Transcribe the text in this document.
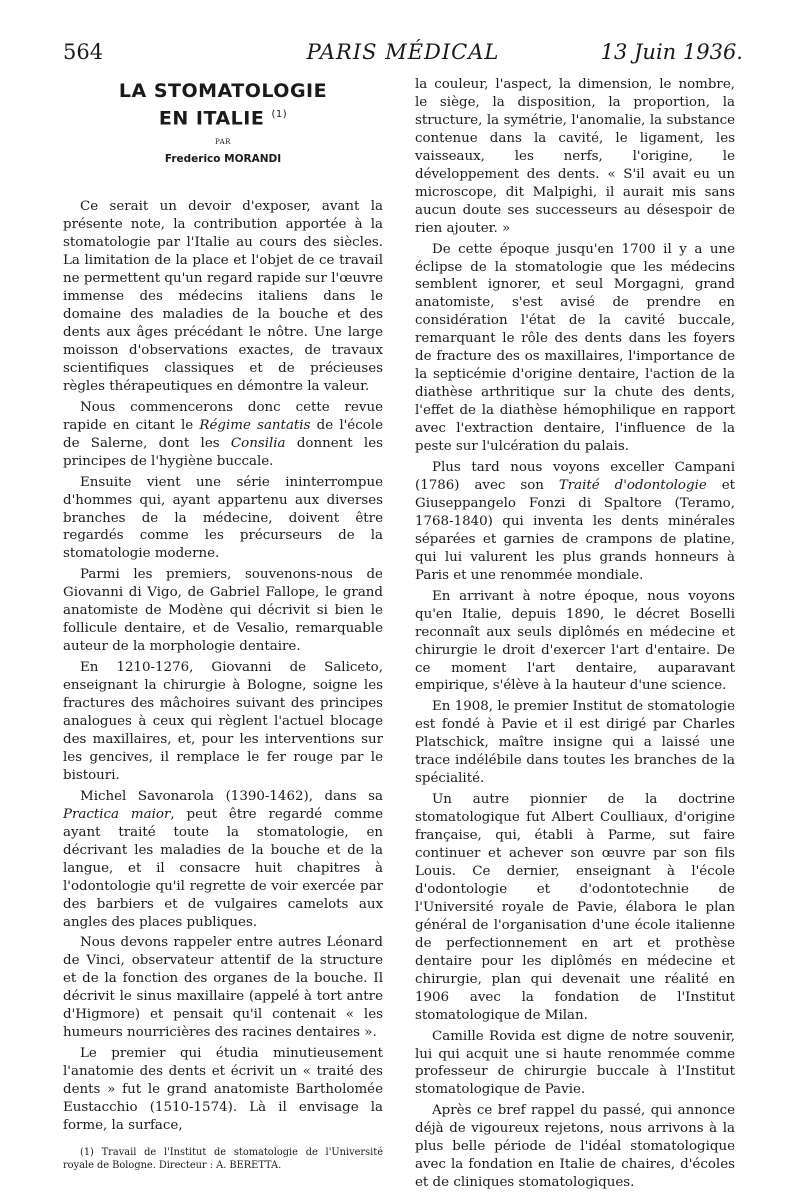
564	PARIS MÉDICAL	13 Juin 1936.
LA STOMATOLOGIE
EN ITALIE $^{(1)}$
PAR
Frederico MORANDI

Ce serait un devoir d'exposer, avant la présente note, la contribution apportée à la stomatologie par l'Italie au cours des siècles. La limitation de la place et l'objet de ce travail ne permettent qu'un regard rapide sur l'œuvre immense des médecins italiens dans le domaine des maladies de la bouche et des dents aux âges précédant le nôtre. Une large moisson d'observations exactes, de travaux scientifiques classiques et de précieuses règles thérapeutiques en démontre la valeur.

Nous commencerons donc cette revue rapide en citant le Régime santatis de l'école de Salerne, dont les Consilia donnent les principes de l'hygiène buccale.

Ensuite vient une série ininterrompue d'hommes qui, ayant appartenu aux diverses branches de la médecine, doivent être regardés comme les précurseurs de la stomatologie moderne.

Parmi les premiers, souvenons-nous de Giovanni di Vigo, de Gabriel Fallope, le grand anatomiste de Modène qui décrivit si bien le follicule dentaire, et de Vesalio, remarquable auteur de la morphologie dentaire.

En 1210-1276, Giovanni de Saliceto, enseignant la chirurgie à Bologne, soigne les fractures des mâchoires suivant des principes analogues à ceux qui règlent l'actuel blocage des maxillaires, et, pour les interventions sur les gencives, il remplace le fer rouge par le bistouri.

Michel Savonarola (1390-1462), dans sa Practica maior, peut être regardé comme ayant traité toute la stomatologie, en décrivant les maladies de la bouche et de la langue, et il consacre huit chapitres à l'odontologie qu'il regrette de voir exercée par des barbiers et de vulgaires camelots aux angles des places publiques.

Nous devons rappeler entre autres Léonard de Vinci, observateur attentif de la structure et de la fonction des organes de la bouche. Il décrivit le sinus maxillaire (appelé à tort antre d'Higmore) et pensait qu'il contenait « les humeurs nourricières des racines dentaires ».

Le premier qui étudia minutieusement l'anatomie des dents et écrivit un « traité des dents » fut le grand anatomiste Bartholomée Eustacchio (1510-1574). Là il envisage la forme, la surface,

(1) Travail de l'Institut de stomatologie de l'Université royale de Bologne. Directeur : A. BERETTA.

la couleur, l'aspect, la dimension, le nombre, le siège, la disposition, la proportion, la structure, la symétrie, l'anomalie, la substance contenue dans la cavité, le ligament, les vaisseaux, les nerfs, l'origine, le développement des dents. « S'il avait eu un microscope, dit Malpighi, il aurait mis sans aucun doute ses successeurs au désespoir de rien ajouter. »

De cette époque jusqu'en 1700 il y a une éclipse de la stomatologie que les médecins semblent ignorer, et seul Morgagni, grand anatomiste, s'est avisé de prendre en considération l'état de la cavité buccale, remarquant le rôle des dents dans les foyers de fracture des os maxillaires, l'importance de la septicémie d'origine dentaire, l'action de la diathèse arthritique sur la chute des dents, l'effet de la diathèse hémophilique en rapport avec l'extraction dentaire, l'influence de la peste sur l'ulcération du palais.

Plus tard nous voyons exceller Campani (1786) avec son Traité d'odontologie et Giuseppangelo Fonzi di Spaltore (Teramo, 1768-1840) qui inventa les dents minérales séparées et garnies de crampons de platine, qui lui valurent les plus grands honneurs à Paris et une renommée mondiale.

En arrivant à notre époque, nous voyons qu'en Italie, depuis 1890, le décret Boselli reconnaît aux seuls diplômés en médecine et chirurgie le droit d'exercer l'art d'entaire. De ce moment l'art dentaire, auparavant empirique, s'élève à la hauteur d'une science.

En 1908, le premier Institut de stomatologie est fondé à Pavie et il est dirigé par Charles Platschick, maître insigne qui a laissé une trace indélébile dans toutes les branches de la spécialité.

Un autre pionnier de la doctrine stomatologique fut Albert Coulliaux, d'origine française, qui, établi à Parme, sut faire continuer et achever son œuvre par son fils Louis. Ce dernier, enseignant à l'école d'odontologie et d'odontotechnie de l'Université royale de Pavie, élabora le plan général de l'organisation d'une école italienne de perfectionnement en art et prothèse dentaire pour les diplômés en médecine et chirurgie, plan qui devenait une réalité en 1906 avec la fondation de l'Institut stomatologique de Milan.

Camille Rovida est digne de notre souvenir, lui qui acquit une si haute renommée comme professeur de chirurgie buccale à l'Institut stomatologique de Pavie.

Après ce bref rappel du passé, qui annonce déjà de vigoureux rejetons, nous arrivons à la plus belle période de l'idéal stomatologique avec la fondation en Italie de chaires, d'écoles et de cliniques stomatologiques.
